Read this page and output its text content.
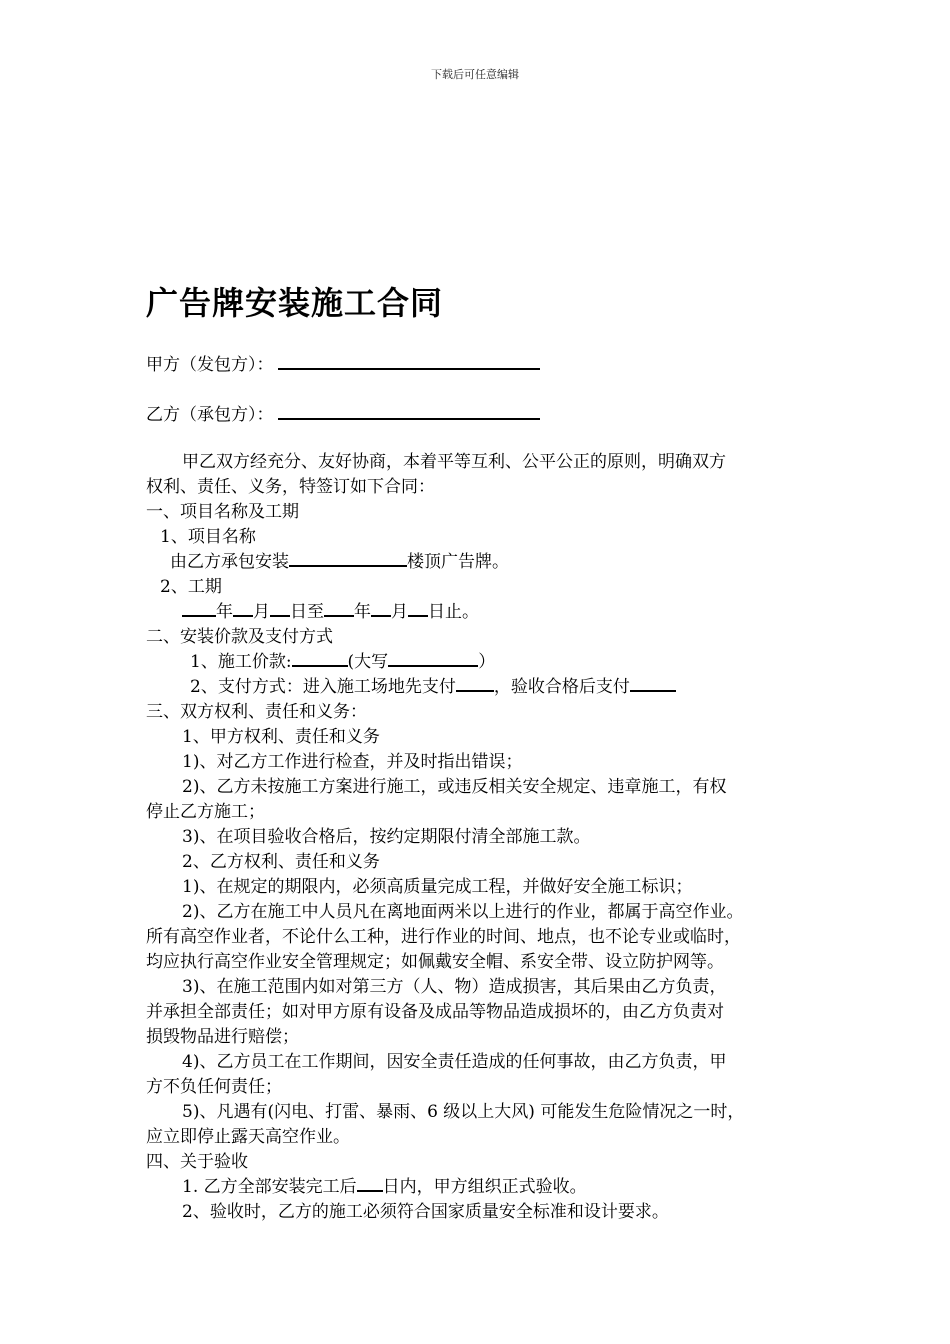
下载后可任意编辑
广告牌安装施工合同
甲方（发包方）：
乙方（承包方）：

甲乙双方经充分、友好协商，本着平等互利、公平公正的原则，明确双方

权利、责任、义务，特签订如下合同：

一、项目名称及工期

1、项目名称

由乙方承包安装	楼顶广告牌。

2、工期

年 月 日至 年 月 日止。

二、安装价款及支付方式

1、施工价款:	(大写	）

2、支付方式：进入施工场地先支付 ，验收合格后支付

三、双方权利、责任和义务：

1、甲方权利、责任和义务

1)、对乙方工作进行检查，并及时指出错误；

2)、乙方未按施工方案进行施工，或违反相关安全规定、违章施工，有权

停止乙方施工；

3)、在项目验收合格后，按约定期限付清全部施工款。

2、乙方权利、责任和义务

1)、在规定的期限内，必须高质量完成工程，并做好安全施工标识；

2)、乙方在施工中人员凡在离地面两米以上进行的作业，都属于高空作业。

所有高空作业者，不论什么工种，进行作业的时间、地点，也不论专业或临时，

均应执行高空作业安全管理规定；如佩戴安全帽、系安全带、设立防护网等。

3)、在施工范围内如对第三方（人、物）造成损害，其后果由乙方负责，

并承担全部责任；如对甲方原有设备及成品等物品造成损坏的，由乙方负责对

损毁物品进行赔偿；

4)、乙方员工在工作期间，因安全责任造成的任何事故，由乙方负责，甲

方不负任何责任；

5)、凡遇有(闪电、打雷、暴雨、6 级以上大风) 可能发生危险情况之一时，

应立即停止露天高空作业。

四、关于验收

1. 乙方全部安装完工后 日内，甲方组织正式验收。

2、验收时，乙方的施工必须符合国家质量安全标准和设计要求。
